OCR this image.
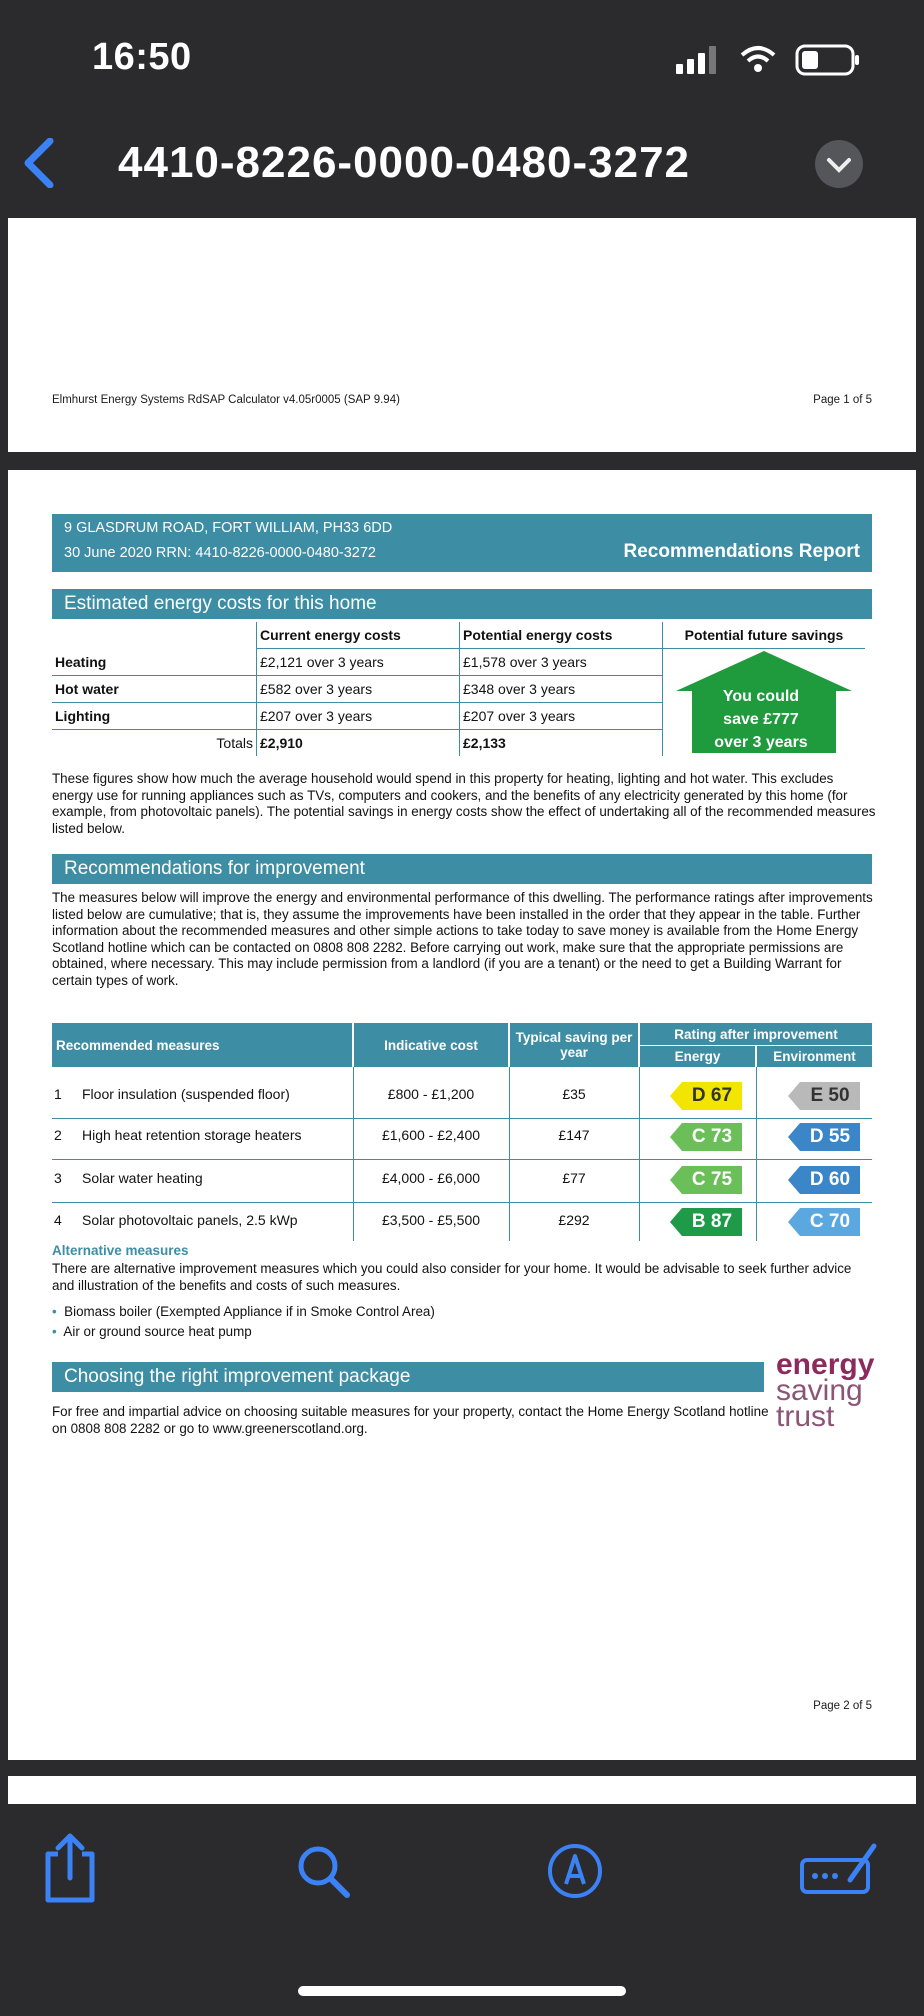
16:50
4410-8226-0000-0480-3272
Elmhurst Energy Systems RdSAP Calculator v4.05r0005 (SAP 9.94)	Page 1 of 5
9 GLASDRUM ROAD, FORT WILLIAM, PH33 6DD
30 June 2020 RRN: 4410-8226-0000-0480-3272	Recommendations Report
Estimated energy costs for this home
	Current energy costs	Potential energy costs	Potential future savings
Heating	£2,121 over 3 years	£1,578 over 3 years	You could
save £777
over 3 years

Hot water	£582 over 3 years	£348 over 3 years	
Lighting	£207 over 3 years	£207 over 3 years	
Totals	£2,910	£2,133	
These figures show how much the average household would spend in this property for heating, lighting and hot water. This excludes energy use for running appliances such as TVs, computers and cookers, and the benefits of any electricity generated by this home (for example, from photovoltaic panels). The potential savings in energy costs show the effect of undertaking all of the recommended measures listed below.
Recommendations for improvement
The measures below will improve the energy and environmental performance of this dwelling. The performance ratings after improvements listed below are cumulative; that is, they assume the improvements have been installed in the order that they appear in the table. Further information about the recommended measures and other simple actions to take today to save money is available from the Home Energy Scotland hotline which can be contacted on 0808 808 2282. Before carrying out work, make sure that the appropriate permissions are obtained, where necessary. This may include permission from a landlord (if you are a tenant) or the need to get a Building Warrant for certain types of work.
Recommended measures	Indicative cost	Typical saving per year
Rating after improvement
Energy	Environment
1 Floor insulation (suspended floor)	£800 - £1,200	£35	D 67	E 50
2 High heat retention storage heaters	£1,600 - £2,400	£147	C 73	D 55
3 Solar water heating	£4,000 - £6,000	£77	C 75	D 60
4 Solar photovoltaic panels, 2.5 kWp	£3,500 - £5,500	£292	B 87	C 70
Alternative measures
There are alternative improvement measures which you could also consider for your home. It would be advisable to seek further advice and illustration of the benefits and costs of such measures.
• Biomass boiler (Exempted Appliance if in Smoke Control Area)
• Air or ground source heat pump
Choosing the right improvement package
For free and impartial advice on choosing suitable measures for your property, contact the Home Energy Scotland hotline on 0808 808 2282 or go to www.greenerscotland.org.
energy
saving
trust
Page 2 of 5
